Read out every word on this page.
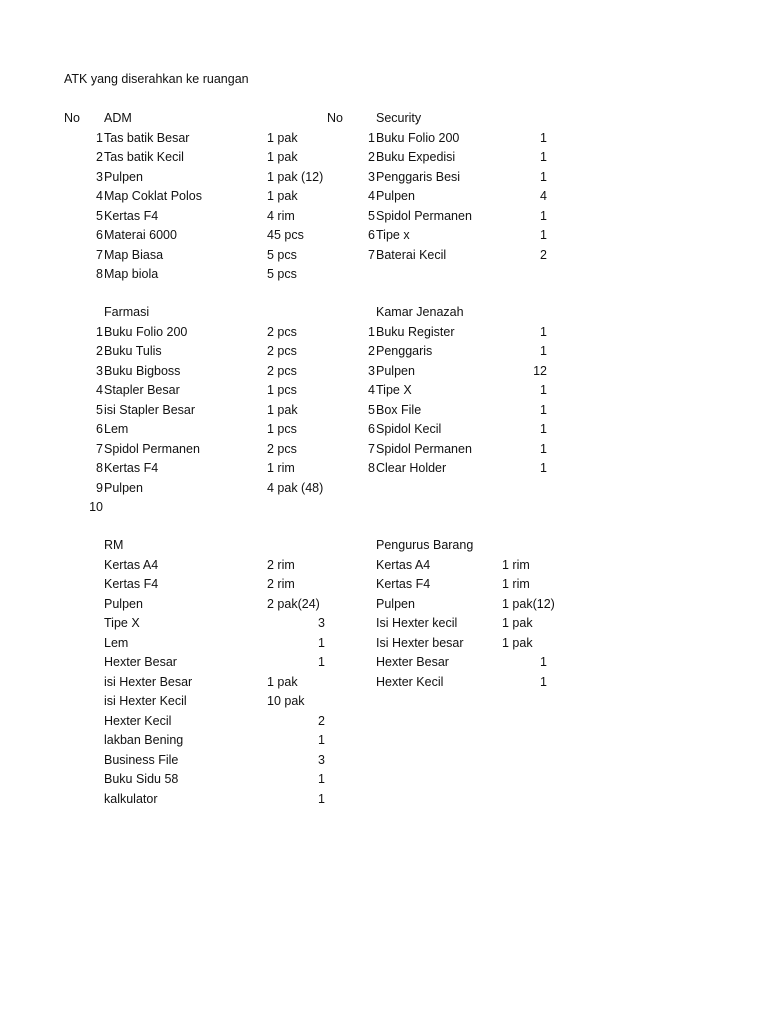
ATK yang diserahkan ke ruangan
No	No
ADM
1 Tas batik Besar	1 pak
2 Tas batik Kecil	1 pak
3 Pulpen	1 pak (12)
4 Map Coklat Polos	1 pak
5 Kertas F4	4 rim
6 Materai 6000	45 pcs
7 Map Biasa	5 pcs
8 Map biola	5 pcs
Security
1 Buku Folio 200	1
2 Buku Expedisi	1
3 Penggaris Besi	1
4 Pulpen	4
5 Spidol Permanen	1
6 Tipe x	1
7 Baterai Kecil	2
Farmasi
1 Buku Folio 200	2 pcs
2 Buku Tulis	2 pcs
3 Buku Bigboss	2 pcs
4 Stapler Besar	1 pcs
5 isi Stapler Besar	1 pak
6 Lem	1 pcs
7 Spidol Permanen	2 pcs
8 Kertas F4	1 rim
9 Pulpen	4 pak (48)
10
Kamar Jenazah
1 Buku Register	1
2 Penggaris	1
3 Pulpen	12
4 Tipe X	1
5 Box File	1
6 Spidol Kecil	1
7 Spidol Permanen	1
8 Clear Holder	1
RM
Kertas A4	2 rim
Kertas F4	2 rim
Pulpen	2 pak(24)
Tipe X	3
Lem	1
Hexter Besar	1
isi Hexter Besar	1 pak
isi Hexter Kecil	10 pak
Hexter Kecil	2
lakban Bening	1
Business File	3
Buku Sidu 58	1
kalkulator	1
Pengurus Barang
Kertas A4	1 rim
Kertas F4	1 rim
Pulpen	1 pak(12)
Isi Hexter kecil	1 pak
Isi Hexter besar	1 pak
Hexter Besar	1
Hexter Kecil	1
